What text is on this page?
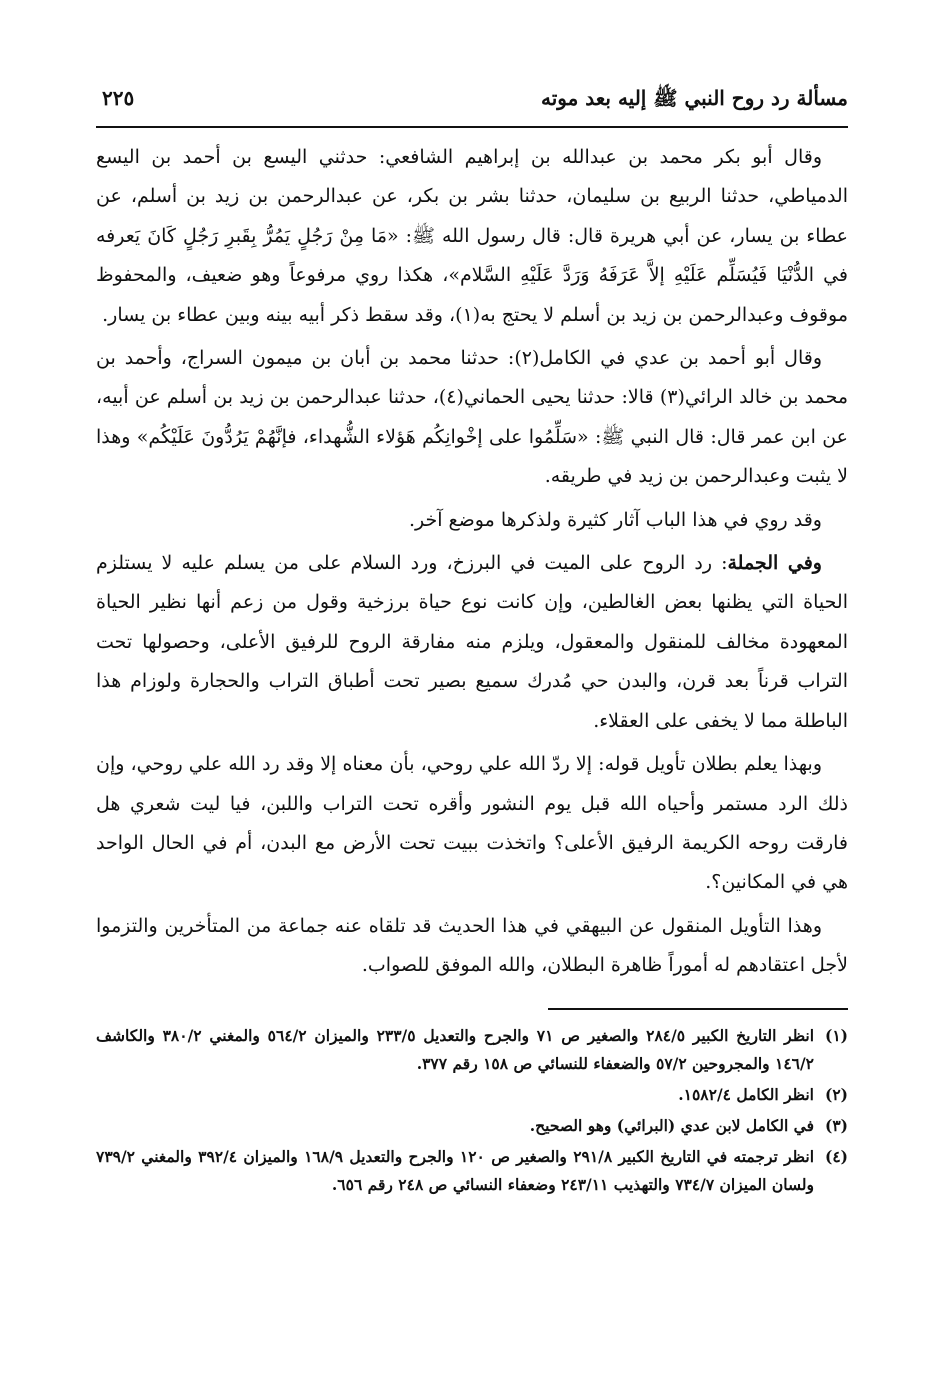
مسألة رد روح النبي ﷺ إليه بعد موته
٢٢٥

وقال أبو بكر محمد بن عبدالله بن إبراهيم الشافعي: حدثني اليسع بن أحمد بن اليسع الدمياطي، حدثنا الربيع بن سليمان، حدثنا بشر بن بكر، عن عبدالرحمن بن زيد بن أسلم، عن عطاء بن يسار، عن أبي هريرة قال: قال رسول الله ﷺ: «مَا مِنْ رَجُلٍ يَمُرُّ بِقَبرِ رَجُلٍ كَانَ يَعرفه في الدُّنْيَا فَيُسَلِّم عَلَيْهِ إلاَّ عَرَفَهُ وَرَدَّ عَلَيْهِ السَّلام»، هكذا روي مرفوعاً وهو ضعيف، والمحفوظ موقوف وعبدالرحمن بن زيد بن أسلم لا يحتج به(١)، وقد سقط ذكر أبيه بينه وبين عطاء بن يسار.

وقال أبو أحمد بن عدي في الكامل(٢): حدثنا محمد بن أبان بن ميمون السراج، وأحمد بن محمد بن خالد الرائي(٣) قالا: حدثنا يحيى الحماني(٤)، حدثنا عبدالرحمن بن زيد بن أسلم عن أبيه، عن ابن عمر قال: قال النبي ﷺ: «سَلِّمُوا على إخْوانِكُم هَؤلاء الشُّهداء، فإنَّهُمْ يَرُدُّونَ عَلَيْكُم» وهذا لا يثبت وعبدالرحمن بن زيد في طريقه.

وقد روي في هذا الباب آثار كثيرة ولذكرها موضع آخر.

وفي الجملة: رد الروح على الميت في البرزخ، ورد السلام على من يسلم عليه لا يستلزم الحياة التي يظنها بعض الغالطين، وإن كانت نوع حياة برزخية وقول من زعم أنها نظير الحياة المعهودة مخالف للمنقول والمعقول، ويلزم منه مفارقة الروح للرفيق الأعلى، وحصولها تحت التراب قرناً بعد قرن، والبدن حي مُدرك سميع بصير تحت أطباق التراب والحجارة ولوزام هذا الباطلة مما لا يخفى على العقلاء.

وبهذا يعلم بطلان تأويل قوله: إلا ردّ الله علي روحي، بأن معناه إلا وقد رد الله علي روحي، وإن ذلك الرد مستمر وأحياه الله قبل يوم النشور وأقره تحت التراب واللبن، فيا ليت شعري هل فارقت روحه الكريمة الرفيق الأعلى؟ واتخذت ببيت تحت الأرض مع البدن، أم في الحال الواحد هي في المكانين؟.

وهذا التأويل المنقول عن البيهقي في هذا الحديث قد تلقاه عنه جماعة من المتأخرين والتزموا لأجل اعتقادهم له أموراً ظاهرة البطلان، والله الموفق للصواب.

(١)
انظر التاريخ الكبير ٢٨٤/٥ والصغير ص ٧١ والجرح والتعديل ٢٣٣/٥ والميزان ٥٦٤/٢ والمغني ٣٨٠/٢ والكاشف ١٤٦/٢ والمجروحين ٥٧/٢ والضعفاء للنسائي ص ١٥٨ رقم ٣٧٧.
(٢)
انظر الكامل ١٥٨٢/٤.
(٣)
في الكامل لابن عدي (البرائي) وهو الصحيح.
(٤)
انظر ترجمته في التاريخ الكبير ٢٩١/٨ والصغير ص ١٢٠ والجرح والتعديل ١٦٨/٩ والميزان ٣٩٢/٤ والمغني ٧٣٩/٢ ولسان الميزان ٧٣٤/٧ والتهذيب ٢٤٣/١١ وضعفاء النسائي ص ٢٤٨ رقم ٦٥٦.
